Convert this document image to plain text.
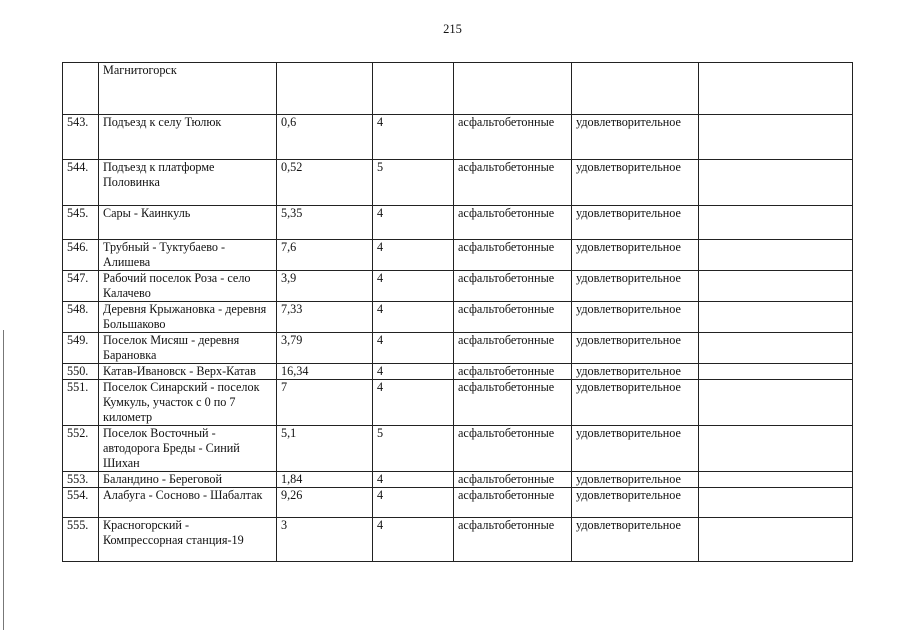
215
	Магнитогорск					
543.	Подъезд к селу Тюлюк	0,6	4	асфальтобетонные	удовлетворительное	
544.	Подъезд к платформе Половинка	0,52	5	асфальтобетонные	удовлетворительное	
545.	Сары - Каинкуль	5,35	4	асфальтобетонные	удовлетворительное	
546.	Трубный - Туктубаево - Алишева	7,6	4	асфальтобетонные	удовлетворительное	
547.	Рабочий поселок Роза - село Калачево	3,9	4	асфальтобетонные	удовлетворительное	
548.	Деревня Крыжановка - деревня Большаково	7,33	4	асфальтобетонные	удовлетворительное	
549.	Поселок Мисяш - деревня Барановка	3,79	4	асфальтобетонные	удовлетворительное	
550.	Катав-Ивановск - Верх-Катав	16,34	4	асфальтобетонные	удовлетворительное	
551.	Поселок Синарский - поселок Кумкуль, участок с 0 по 7 километр	7	4	асфальтобетонные	удовлетворительное	
552.	Поселок Восточный - автодорога Бреды - Синий Шихан	5,1	5	асфальтобетонные	удовлетворительное	
553.	Баландино - Береговой	1,84	4	асфальтобетонные	удовлетворительное	
554.	Алабуга - Сосново - Шабалтак	9,26	4	асфальтобетонные	удовлетворительное	
555.	Красногорский - Компрессорная станция-19	3	4	асфальтобетонные	удовлетворительное	
